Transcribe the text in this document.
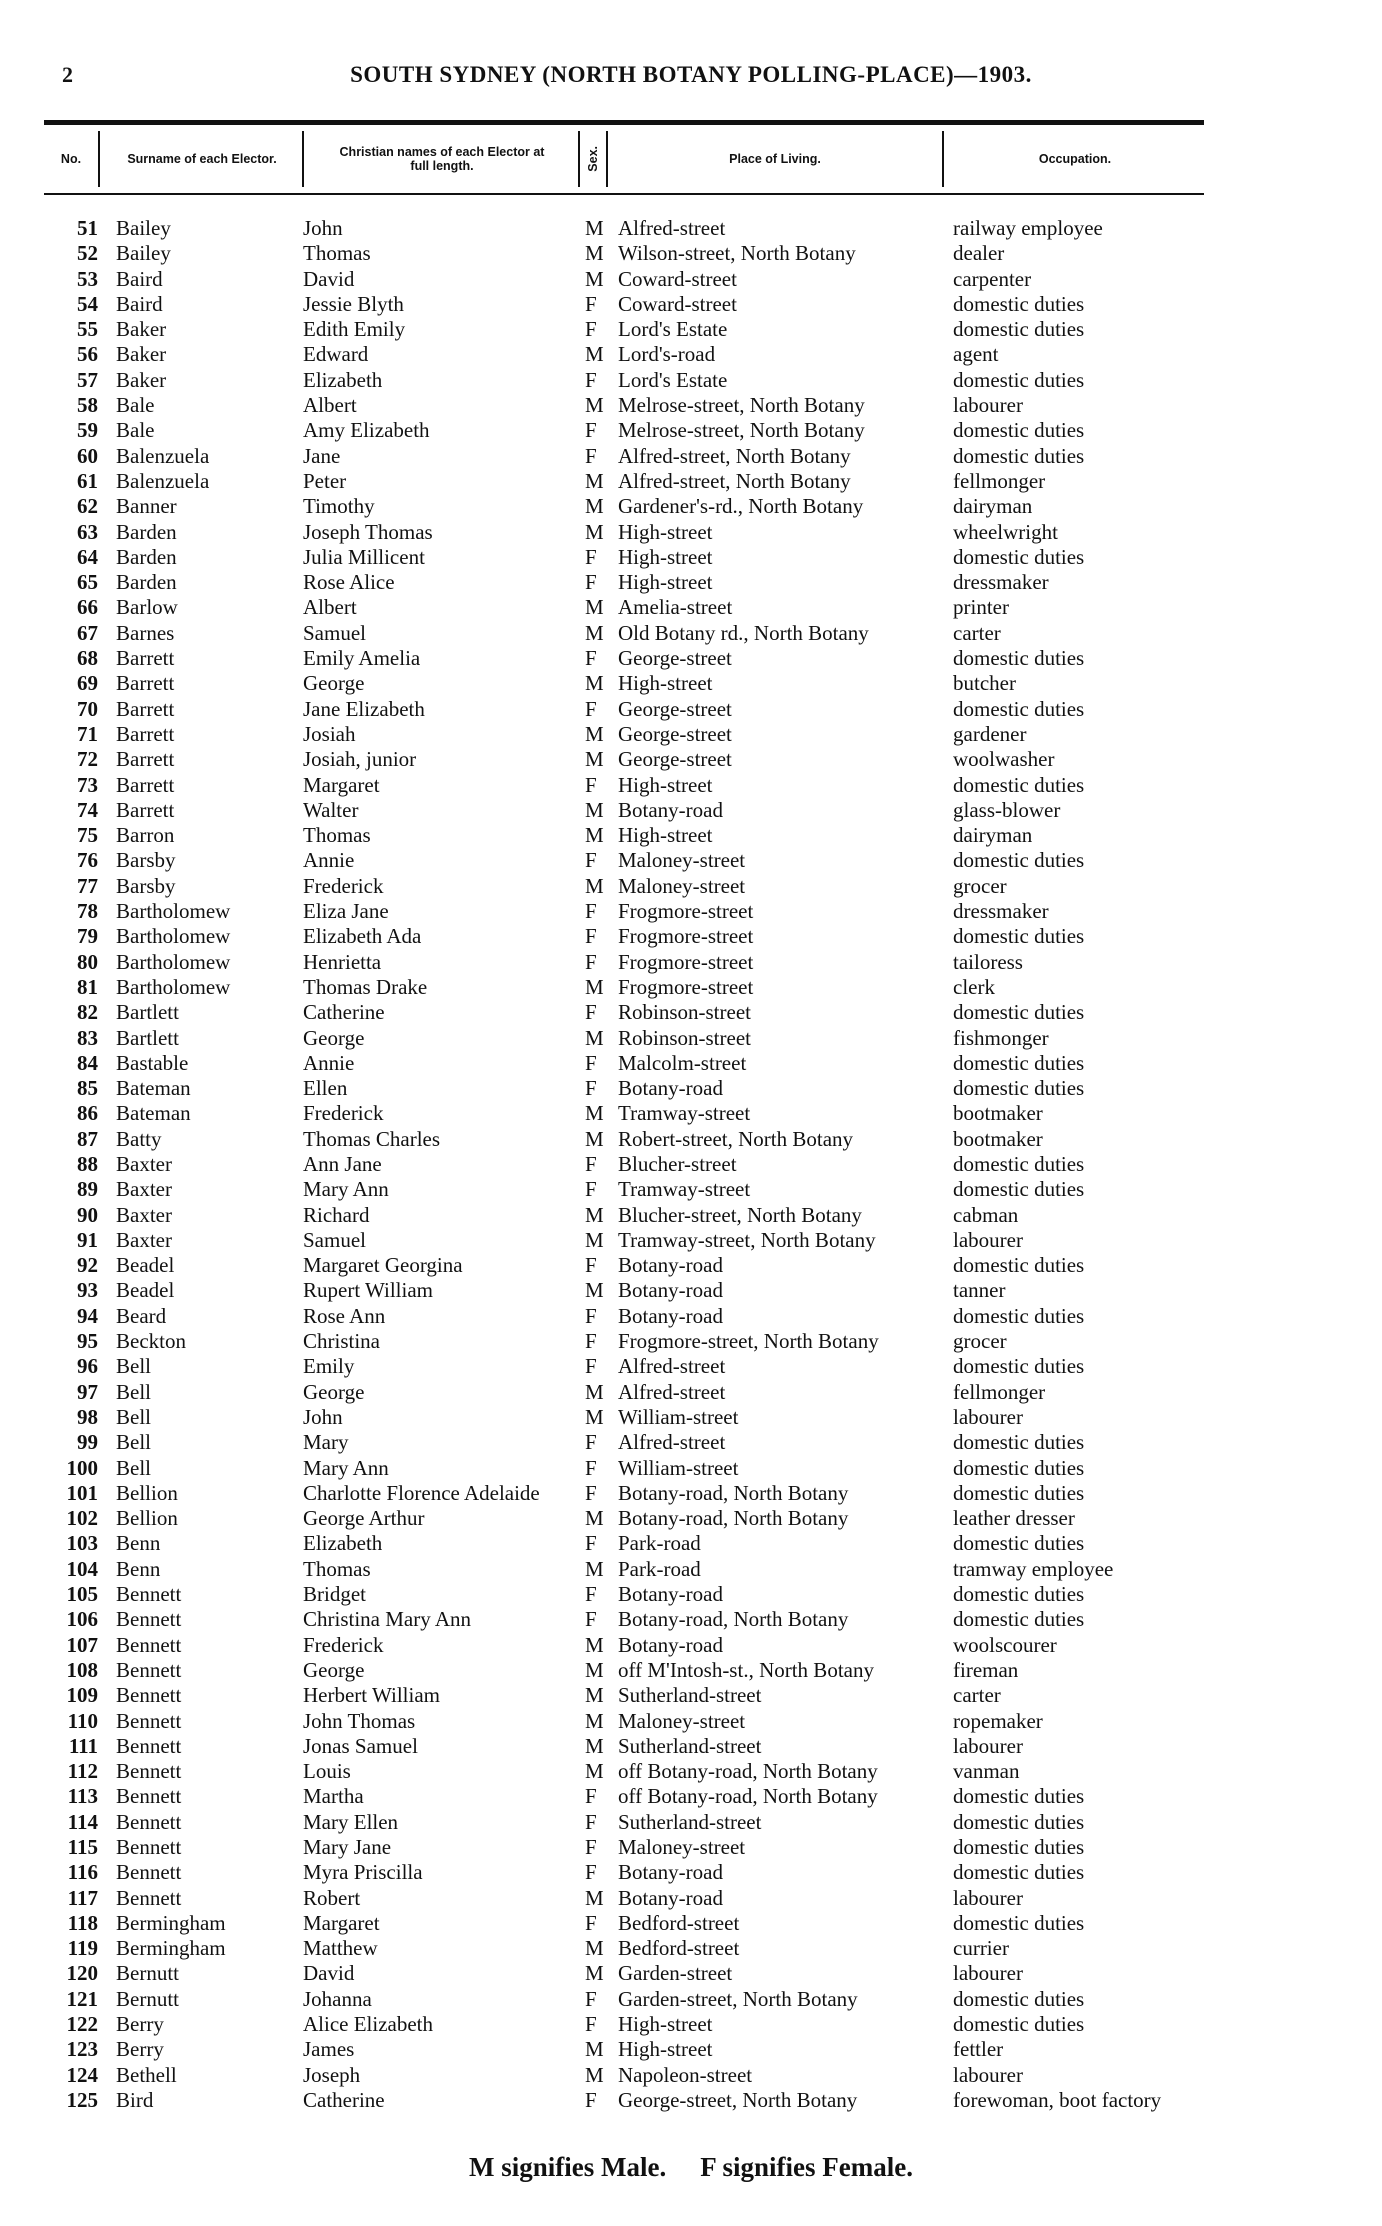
2	SOUTH SYDNEY (NORTH BOTANY POLLING-PLACE)—1903.
No.	Surname of each Elector.
Christian names of each Elector at full length.	Sex.	Place of Living.	Occupation.
51 Bailey	John	M Alfred-street	railway employee
52 Bailey	Thomas	M Wilson-street, North Botany	dealer
53 Baird	David	M Coward-street	carpenter
54 Baird	Jessie Blyth	F Coward-street	domestic duties
55 Baker	Edith Emily	F Lord's Estate	domestic duties
56 Baker	Edward	M Lord's-road	agent
57 Baker	Elizabeth	F Lord's Estate	domestic duties
58 Bale	Albert	M Melrose-street, North Botany	labourer
59 Bale	Amy Elizabeth	F Melrose-street, North Botany	domestic duties
60 Balenzuela	Jane	F Alfred-street, North Botany	domestic duties
61 Balenzuela	Peter	M Alfred-street, North Botany	fellmonger
62 Banner	Timothy	M Gardener's-rd., North Botany	dairyman
63 Barden	Joseph Thomas	M High-street	wheelwright
64 Barden	Julia Millicent	F High-street	domestic duties
65 Barden	Rose Alice	F High-street	dressmaker
66 Barlow	Albert	M Amelia-street	printer
67 Barnes	Samuel	M Old Botany rd., North Botany	carter
68 Barrett	Emily Amelia	F George-street	domestic duties
69 Barrett	George	M High-street	butcher
70 Barrett	Jane Elizabeth	F George-street	domestic duties
71 Barrett	Josiah	M George-street	gardener
72 Barrett	Josiah, junior	M George-street	woolwasher
73 Barrett	Margaret	F High-street	domestic duties
74 Barrett	Walter	M Botany-road	glass-blower
75 Barron	Thomas	M High-street	dairyman
76 Barsby	Annie	F Maloney-street	domestic duties
77 Barsby	Frederick	M Maloney-street	grocer
78 Bartholomew	Eliza Jane	F Frogmore-street	dressmaker
79 Bartholomew	Elizabeth Ada	F Frogmore-street	domestic duties
80 Bartholomew	Henrietta	F Frogmore-street	tailoress
81 Bartholomew	Thomas Drake	M Frogmore-street	clerk
82 Bartlett	Catherine	F Robinson-street	domestic duties
83 Bartlett	George	M Robinson-street	fishmonger
84 Bastable	Annie	F Malcolm-street	domestic duties
85 Bateman	Ellen	F Botany-road	domestic duties
86 Bateman	Frederick	M Tramway-street	bootmaker
87 Batty	Thomas Charles	M Robert-street, North Botany	bootmaker
88 Baxter	Ann Jane	F Blucher-street	domestic duties
89 Baxter	Mary Ann	F Tramway-street	domestic duties
90 Baxter	Richard	M Blucher-street, North Botany	cabman
91 Baxter	Samuel	M Tramway-street, North Botany	labourer
92 Beadel	Margaret Georgina	F Botany-road	domestic duties
93 Beadel	Rupert William	M Botany-road	tanner
94 Beard	Rose Ann	F Botany-road	domestic duties
95 Beckton	Christina	F Frogmore-street, North Botany	grocer
96 Bell	Emily	F Alfred-street	domestic duties
97 Bell	George	M Alfred-street	fellmonger
98 Bell	John	M William-street	labourer
99 Bell	Mary	F Alfred-street	domestic duties
100 Bell	Mary Ann	F William-street	domestic duties
101 Bellion	Charlotte Florence Adelaide F Botany-road, North Botany	domestic duties
102 Bellion	George Arthur	M Botany-road, North Botany	leather dresser
103 Benn	Elizabeth	F Park-road	domestic duties
104 Benn	Thomas	M Park-road	tramway employee
105 Bennett	Bridget	F Botany-road	domestic duties
106 Bennett	Christina Mary Ann	F Botany-road, North Botany	domestic duties
107 Bennett	Frederick	M Botany-road	woolscourer
108 Bennett	George	M off M'Intosh-st., North Botany	fireman
109 Bennett	Herbert William	M Sutherland-street	carter
110 Bennett	John Thomas	M Maloney-street	ropemaker
111 Bennett	Jonas Samuel	M Sutherland-street	labourer
112 Bennett	Louis	M off Botany-road, North Botany	vanman
113 Bennett	Martha	F off Botany-road, North Botany	domestic duties
114 Bennett	Mary Ellen	F Sutherland-street	domestic duties
115 Bennett	Mary Jane	F Maloney-street	domestic duties
116 Bennett	Myra Priscilla	F Botany-road	domestic duties
117 Bennett	Robert	M Botany-road	labourer
118 Bermingham	Margaret	F Bedford-street	domestic duties
119 Bermingham	Matthew	M Bedford-street	currier
120 Bernutt	David	M Garden-street	labourer
121 Bernutt	Johanna	F Garden-street, North Botany	domestic duties
122 Berry	Alice Elizabeth	F High-street	domestic duties
123 Berry	James	M High-street	fettler
124 Bethell	Joseph	M Napoleon-street	labourer
125 Bird	Catherine	F George-street, North Botany	forewoman, boot factory
M signifies Male. F signifies Female.
